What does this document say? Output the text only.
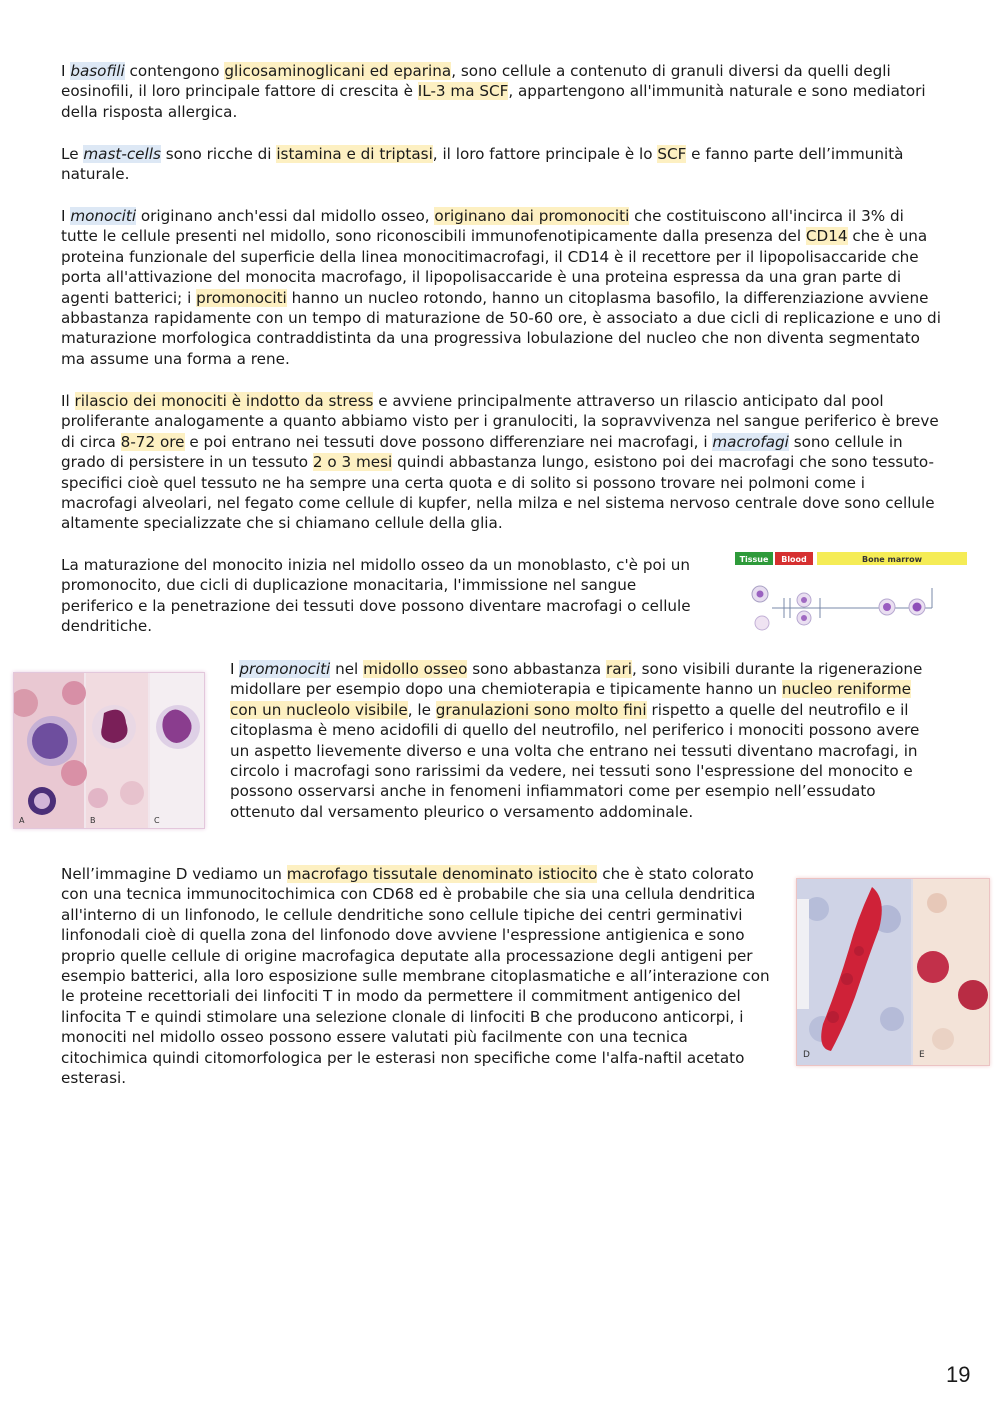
I basofili contengono glicosaminoglicani ed eparina, sono cellule a contenuto di granuli diversi da quelli degli eosinofili, il loro principale fattore di crescita è IL-3 ma SCF, appartengono all'immunità naturale e sono mediatori della risposta allergica.

Le mast-cells sono ricche di istamina e di triptasi, il loro fattore principale è lo SCF e fanno parte dell’immunità naturale.

I monociti originano anch'essi dal midollo osseo, originano dai promonociti che costituiscono all'incirca il 3% di tutte le cellule presenti nel midollo, sono riconoscibili immunofenotipicamente dalla presenza del CD14 che è una proteina funzionale del superficie della linea monocitimacrofagi, il CD14 è il recettore per il lipopolisaccaride che porta all'attivazione del monocita macrofago, il lipopolisaccaride è una proteina espressa da una gran parte di agenti batterici; i promonociti hanno un nucleo rotondo, hanno un citoplasma basofilo, la differenziazione avviene abbastanza rapidamente con un tempo di maturazione de 50-60 ore, è associato a due cicli di replicazione e uno di maturazione morfologica contraddistinta da una progressiva lobulazione del nucleo che non diventa segmentato ma assume una forma a rene.

Il rilascio dei monociti è indotto da stress e avviene principalmente attraverso un rilascio anticipato dal pool proliferante analogamente a quanto abbiamo visto per i granulociti, la sopravvivenza nel sangue periferico è breve di circa 8-72 ore e poi entrano nei tessuti dove possono differenziare nei macrofagi, i macrofagi sono cellule in grado di persistere in un tessuto 2 o 3 mesi quindi abbastanza lungo, esistono poi dei macrofagi che sono tessuto-specifici cioè quel tessuto ne ha sempre una certa quota e di solito si possono trovare nei polmoni come i macrofagi alveolari, nel fegato come cellule di kupfer, nella milza e nel sistema nervoso centrale dove sono cellule altamente specializzate che si chiamano cellule della glia.

La maturazione del monocito inizia nel midollo osseo da un monoblasto, c'è poi un promonocito, due cicli di duplicazione monacitaria, l'immissione nel sangue periferico e la penetrazione dei tessuti dove possono diventare macrofagi o cellule dendritiche.

Tissue Blood	Bone marrow
A	B	C

I promonociti nel midollo osseo sono abbastanza rari, sono visibili durante la rigenerazione midollare per esempio dopo una chemioterapia e tipicamente hanno un nucleo reniforme con un nucleolo visibile, le granulazioni sono molto fini rispetto a quelle del neutrofilo e il citoplasma è meno acidofili di quello del neutrofilo, nel periferico i monociti possono avere un aspetto lievemente diverso e una volta che entrano nei tessuti diventano macrofagi, in circolo i macrofagi sono rarissimi da vedere, nei tessuti sono l'espressione del monocito e possono osservarsi anche in fenomeni infiammatori come per esempio nell’essudato ottenuto dal versamento pleurico o versamento addominale.

Nell’immagine D vediamo un macrofago tissutale denominato istiocito che è stato colorato con una tecnica immunocitochimica con CD68 ed è probabile che sia una cellula dendritica all'interno di un linfonodo, le cellule dendritiche sono cellule tipiche dei centri germinativi linfonodali cioè di quella zona del linfonodo dove avviene l'espressione antigienica e sono proprio quelle cellule di origine macrofagica deputate alla processazione degli antigeni per esempio batterici, alla loro esposizione sulle membrane citoplasmatiche e all’interazione con le proteine recettoriali dei linfociti T in modo da permettere il commitment antigenico del linfocita T e quindi stimolare una selezione clonale di linfociti B che producono anticorpi, i monociti nel midollo osseo possono essere valutati più facilmente con una tecnica citochimica quindi citomorfologica per le esterasi non specifiche come l'alfa-naftil acetato esterasi.

D	E
19
